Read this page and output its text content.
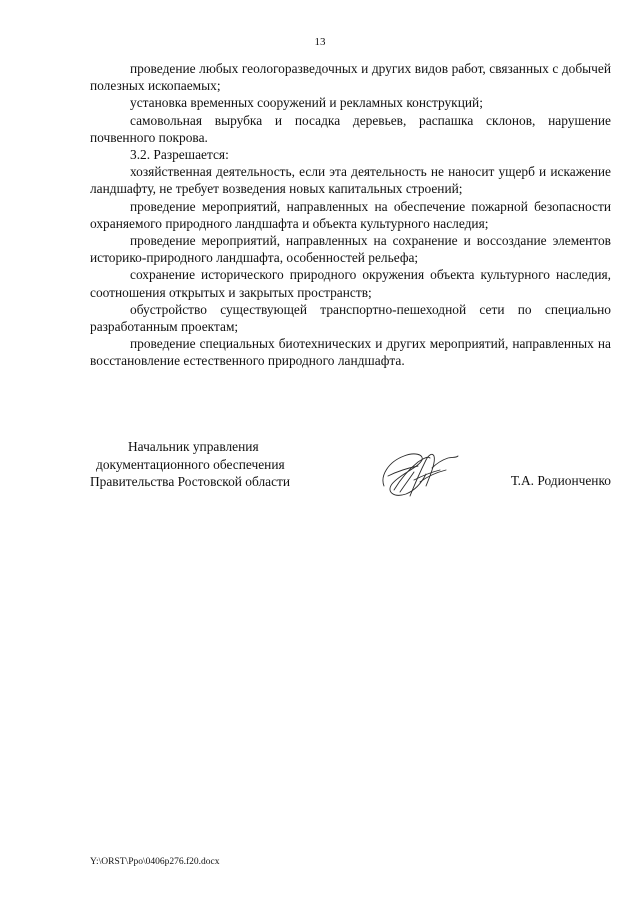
13

проведение любых геологоразведочных и других видов работ, связанных с добычей полезных ископаемых;

установка временных сооружений и рекламных конструкций;

самовольная вырубка и посадка деревьев, распашка склонов, нарушение почвенного покрова.

3.2. Разрешается:

хозяйственная деятельность, если эта деятельность не наносит ущерб и искажение ландшафту, не требует возведения новых капитальных строений;

проведение мероприятий, направленных на обеспечение пожарной безопасности охраняемого природного ландшафта и объекта культурного наследия;

проведение мероприятий, направленных на сохранение и воссоздание элементов историко-природного ландшафта, особенностей рельефа;

сохранение исторического природного окружения объекта культурного наследия, соотношения открытых и закрытых пространств;

обустройство существующей транспортно-пешеходной сети по специально разработанным проектам;

проведение специальных биотехнических и других мероприятий, направленных на восстановление естественного природного ландшафта.

Начальник управления
документационного обеспечения
Правительства Ростовской области	Т.А. Родионченко
Y:\ORST\Ppo\0406p276.f20.docx
